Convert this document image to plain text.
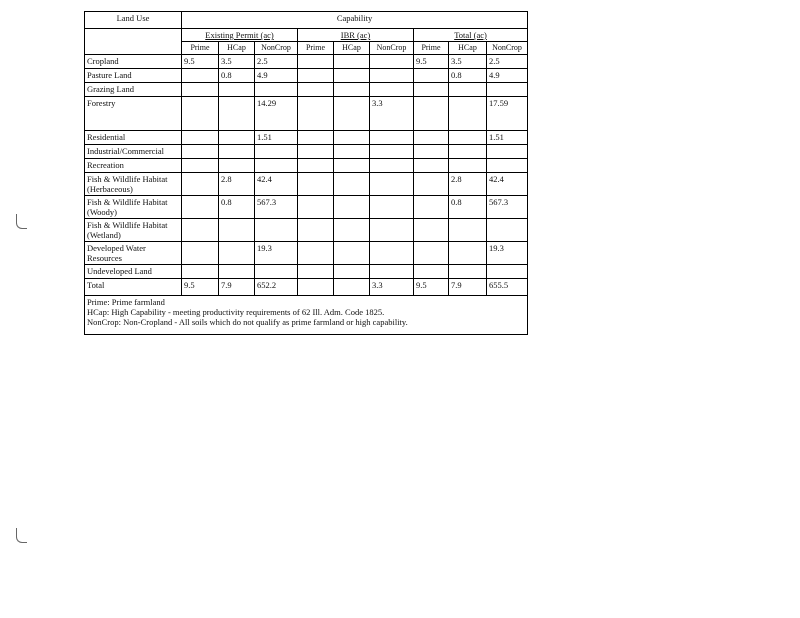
Land Use	Capability								
	Existing Permit (ac)			IBR (ac)			Total (ac)		
	Prime	HCap	NonCrop	Prime	HCap	NonCrop	Prime	HCap	NonCrop
Cropland	9.5	3.5	2.5				9.5	3.5	2.5
Pasture Land		0.8	4.9					0.8	4.9
Grazing Land									
Forestry			14.29			3.3			17.59
Residential			1.51						1.51
Industrial/Commercial									
Recreation									
Fish & Wildlife Habitat (Herbaceous)		2.8	42.4					2.8	42.4
Fish & Wildlife Habitat (Woody)		0.8	567.3					0.8	567.3
Fish & Wildlife Habitat (Wetland)									
Developed Water Resources			19.3						19.3
Undeveloped Land									
Total	9.5	7.9	652.2			3.3	9.5	7.9	655.5

Prime: Prime farmland
HCap: High Capability - meeting productivity requirements of 62 Ill. Adm. Code 1825.
NonCrop: Non-Cropland - All soils which do not qualify as prime farmland or high capability.									
